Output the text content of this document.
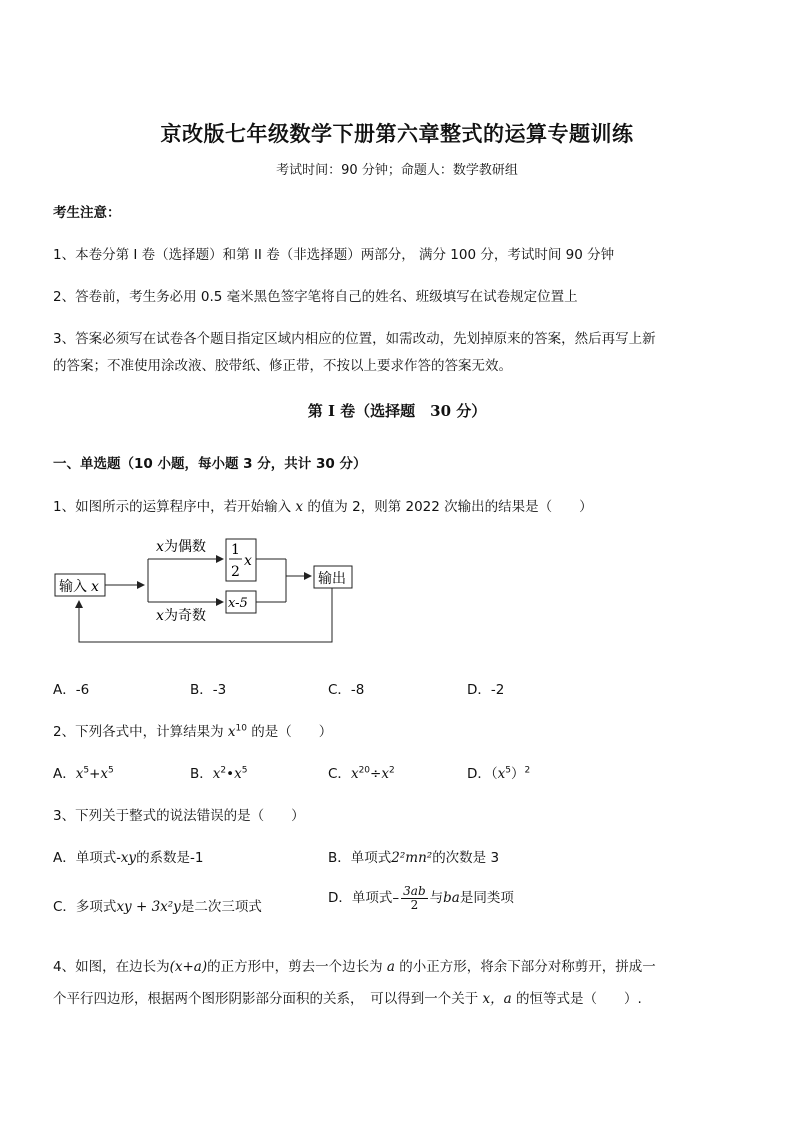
京改版七年级数学下册第六章整式的运算专题训练
考试时间：90 分钟；命题人：数学教研组
考生注意：
1、本卷分第 I 卷（选择题）和第 II 卷（非选择题）两部分， 满分 100 分，考试时间 90 分钟
2、答卷前，考生务必用 0.5 毫米黑色签字笔将自己的姓名、班级填写在试卷规定位置上
3、答案必须写在试卷各个题目指定区域内相应的位置，如需改动，先划掉原来的答案，然后再写上新
的答案；不准使用涂改液、胶带纸、修正带，不按以上要求作答的答案无效。
第 I 卷（选择题　30 分）
一、单选题（10 小题，每小题 3 分，共计 30 分）
1、如图所示的运算程序中，若开始输入 x 的值为 2，则第 2022 次输出的结果是（　　）
输入 x
x 为偶数
x 为奇数
1
2
x
x-5
输出
A．-6	B．-3	C．-8	D．-2
2、下列各式中，计算结果为 $x^{10}$ 的是（　　）
A．$x^5+x^5$	B．$x^2•x^5$	C．$x^{20}\div x^2$	D．$(x^5)^2$
3、下列关于整式的说法错误的是（　　）
A．单项式-xy的系数是-1	B．单项式2²mn²的次数是 3
C．多项式xy + 3x²y是二次三项式
D．单项式– $\frac{3ab}{2}$ 与ba是同类项
4、如图，在边长为(x+a)的正方形中，剪去一个边长为 a 的小正方形，将余下部分对称剪开，拼成一
个平行四边形，根据两个图形阴影部分面积的关系，　可以得到一个关于 x，a 的恒等式是（　　）.
